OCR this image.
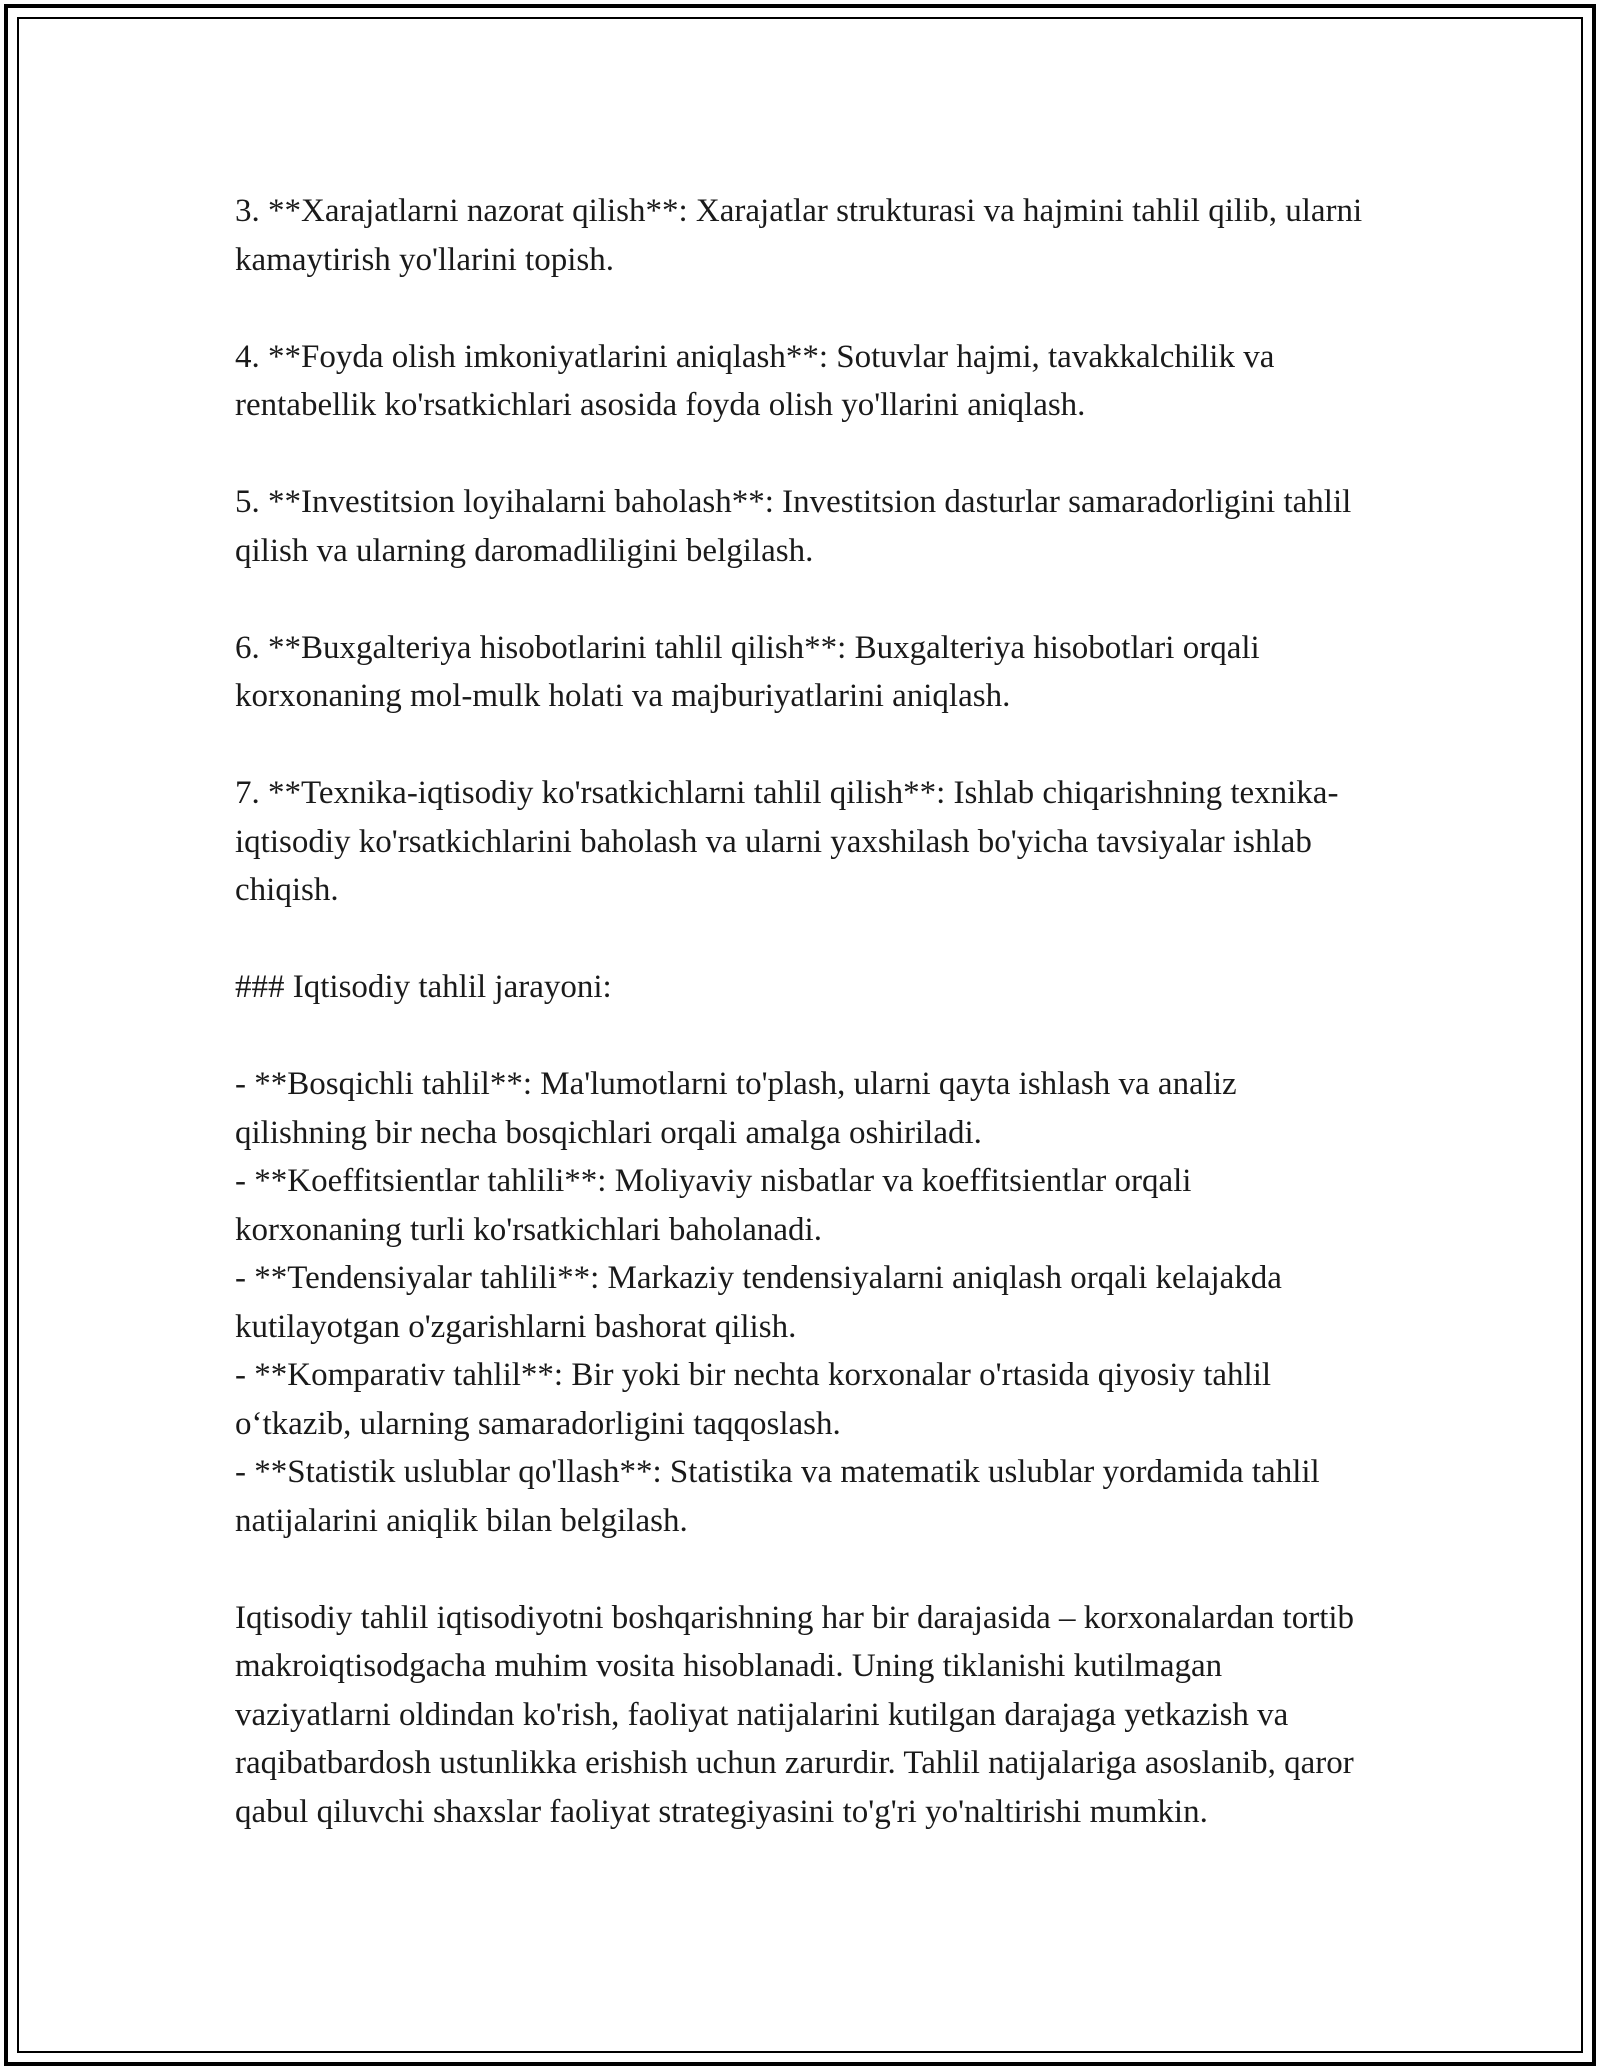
3. **Xarajatlarni nazorat qilish**: Xarajatlar strukturasi va hajmini tahlil qilib, ularni kamaytirish yo'llarini topish.

4. **Foyda olish imkoniyatlarini aniqlash**: Sotuvlar hajmi, tavakkalchilik va rentabellik ko'rsatkichlari asosida foyda olish yo'llarini aniqlash.

5. **Investitsion loyihalarni baholash**: Investitsion dasturlar samaradorligini tahlil qilish va ularning daromadliligini belgilash.

6. **Buxgalteriya hisobotlarini tahlil qilish**: Buxgalteriya hisobotlari orqali korxonaning mol-mulk holati va majburiyatlarini aniqlash.

7. **Texnika-iqtisodiy ko'rsatkichlarni tahlil qilish**: Ishlab chiqarishning texnika-iqtisodiy ko'rsatkichlarini baholash va ularni yaxshilash bo'yicha tavsiyalar ishlab chiqish.

### Iqtisodiy tahlil jarayoni:

- **Bosqichli tahlil**: Ma'lumotlarni to'plash, ularni qayta ishlash va analiz qilishning bir necha bosqichlari orqali amalga oshiriladi.

- **Koeffitsientlar tahlili**: Moliyaviy nisbatlar va koeffitsientlar orqali korxonaning turli ko'rsatkichlari baholanadi.

- **Tendensiyalar tahlili**: Markaziy tendensiyalarni aniqlash orqali kelajakda kutilayotgan o'zgarishlarni bashorat qilish.

- **Komparativ tahlil**: Bir yoki bir nechta korxonalar o'rtasida qiyosiy tahlil o‘tkazib, ularning samaradorligini taqqoslash.

- **Statistik uslublar qo'llash**: Statistika va matematik uslublar yordamida tahlil natijalarini aniqlik bilan belgilash.

Iqtisodiy tahlil iqtisodiyotni boshqarishning har bir darajasida – korxonalardan tortib makroiqtisodgacha muhim vosita hisoblanadi. Uning tiklanishi kutilmagan vaziyatlarni oldindan ko'rish, faoliyat natijalarini kutilgan darajaga yetkazish va raqibatbardosh ustunlikka erishish uchun zarurdir. Tahlil natijalariga asoslanib, qaror qabul qiluvchi shaxslar faoliyat strategiyasini to'g'ri yo'naltirishi mumkin.
